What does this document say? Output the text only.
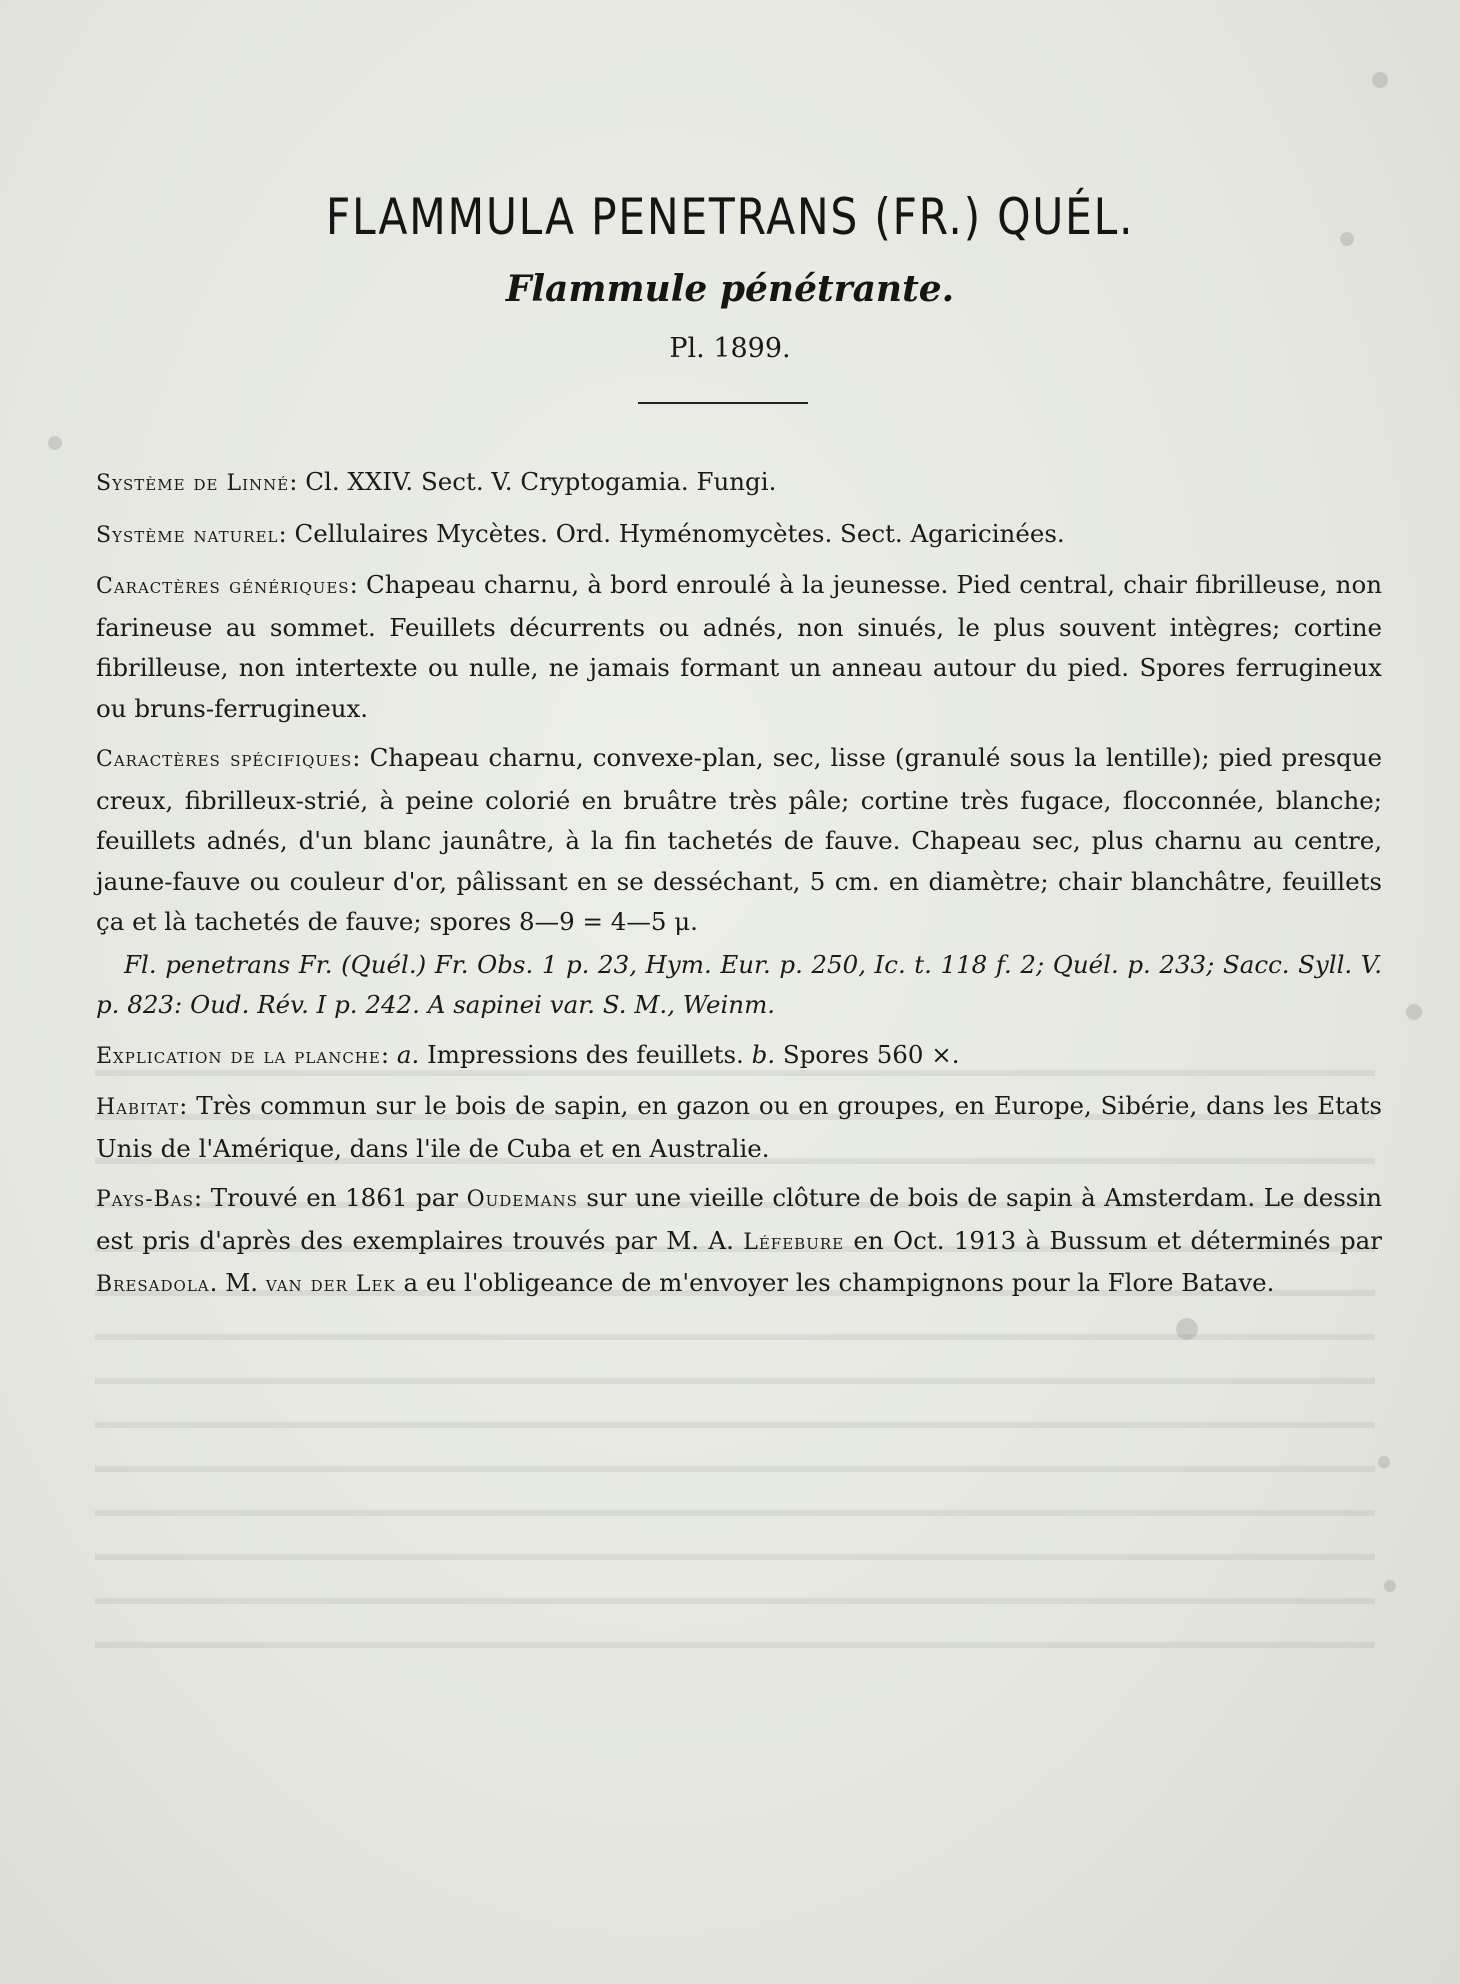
FLAMMULA PENETRANS (FR.) QUÉL.
Flammule pénétrante.
Pl. 1899.

Système de Linné: Cl. XXIV. Sect. V. Cryptogamia. Fungi.

Système naturel: Cellulaires Mycètes. Ord. Hyménomycètes. Sect. Agaricinées.

Caractères génériques: Chapeau charnu, à bord enroulé à la jeunesse. Pied central, chair fibrilleuse, non farineuse au sommet. Feuillets décurrents ou adnés, non sinués, le plus souvent intègres; cortine fibrilleuse, non intertexte ou nulle, ne jamais formant un anneau autour du pied. Spores ferrugineux ou bruns-ferrugineux.

Caractères spécifiques: Chapeau charnu, convexe-plan, sec, lisse (granulé sous la lentille); pied presque creux, fibrilleux-strié, à peine colorié en bruâtre très pâle; cortine très fugace, flocconnée, blanche; feuillets adnés, d'un blanc jaunâtre, à la fin tachetés de fauve. Chapeau sec, plus charnu au centre, jaune-fauve ou couleur d'or, pâlissant en se desséchant, 5 cm. en diamètre; chair blanchâtre, feuillets ça et là tachetés de fauve; spores 8—9 = 4—5 μ.

Fl. penetrans Fr. (Quél.) Fr. Obs. 1 p. 23, Hym. Eur. p. 250, Ic. t. 118 f. 2; Quél. p. 233; Sacc. Syll. V. p. 823: Oud. Rév. I p. 242. A sapinei var. S. M., Weinm.

Explication de la planche: a. Impressions des feuillets. b. Spores 560 ×.

Habitat: Très commun sur le bois de sapin, en gazon ou en groupes, en Europe, Sibérie, dans les Etats Unis de l'Amérique, dans l'ile de Cuba et en Australie.

Pays-Bas: Trouvé en 1861 par Oudemans sur une vieille clôture de bois de sapin à Amsterdam. Le dessin est pris d'après des exemplaires trouvés par M. A. Léfebure en Oct. 1913 à Bussum et déterminés par Bresadola. M. van der Lek a eu l'obligeance de m'envoyer les champignons pour la Flore Batave.
